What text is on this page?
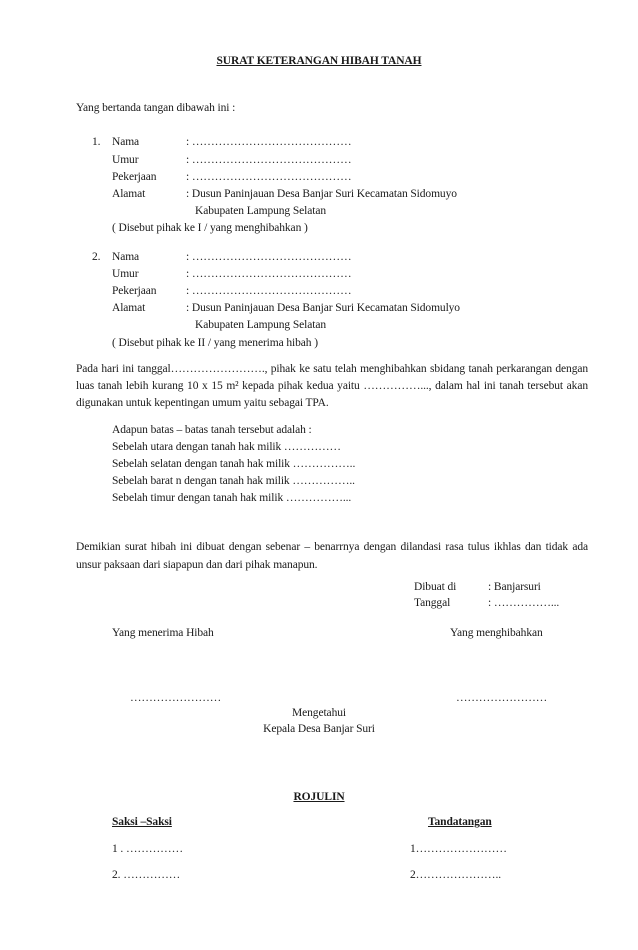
SURAT KETERANGAN HIBAH TANAH
Yang bertanda tangan dibawah ini :
1. Nama	: ……………………………………
Umur	: ……………………………………
Pekerjaan	: ……………………………………
Alamat	: Dusun Paninjauan Desa Banjar Suri Kecamatan Sidomuyo
Kabupaten Lampung Selatan
( Disebut pihak ke I / yang menghibahkan )
2. Nama	: ……………………………………
Umur	: ……………………………………
Pekerjaan	: ……………………………………
Alamat	: Dusun Paninjauan Desa Banjar Suri Kecamatan Sidomulyo
Kabupaten Lampung Selatan
( Disebut pihak ke II / yang menerima hibah )
Pada hari ini tanggal……………………., pihak ke satu telah menghibahkan sbidang tanah perkarangan dengan luas tanah lebih kurang 10 x 15 m² kepada pihak kedua yaitu ……………..., dalam hal ini tanah tersebut akan digunakan untuk kepentingan umum yaitu sebagai TPA.
Adapun batas – batas tanah tersebut adalah :
Sebelah utara dengan tanah hak milik ……………
Sebelah selatan dengan tanah hak milik ……………..
Sebelah barat n dengan tanah hak milik ……………..
Sebelah timur dengan tanah hak milik ……………...
Demikian surat hibah ini dibuat dengan sebenar – benarrnya dengan dilandasi rasa tulus ikhlas dan tidak ada unsur paksaan dari siapapun dan dari pihak manapun.
Dibuat di	: Banjarsuri
Tanggal	: ……………...
Yang menerima Hibah	Yang menghibahkan
……………………	……………………
Mengetahui
Kepala Desa Banjar Suri
ROJULIN
Saksi –Saksi	Tandatangan
1 . ……………	1……………………
2. ……………	2…………………..
